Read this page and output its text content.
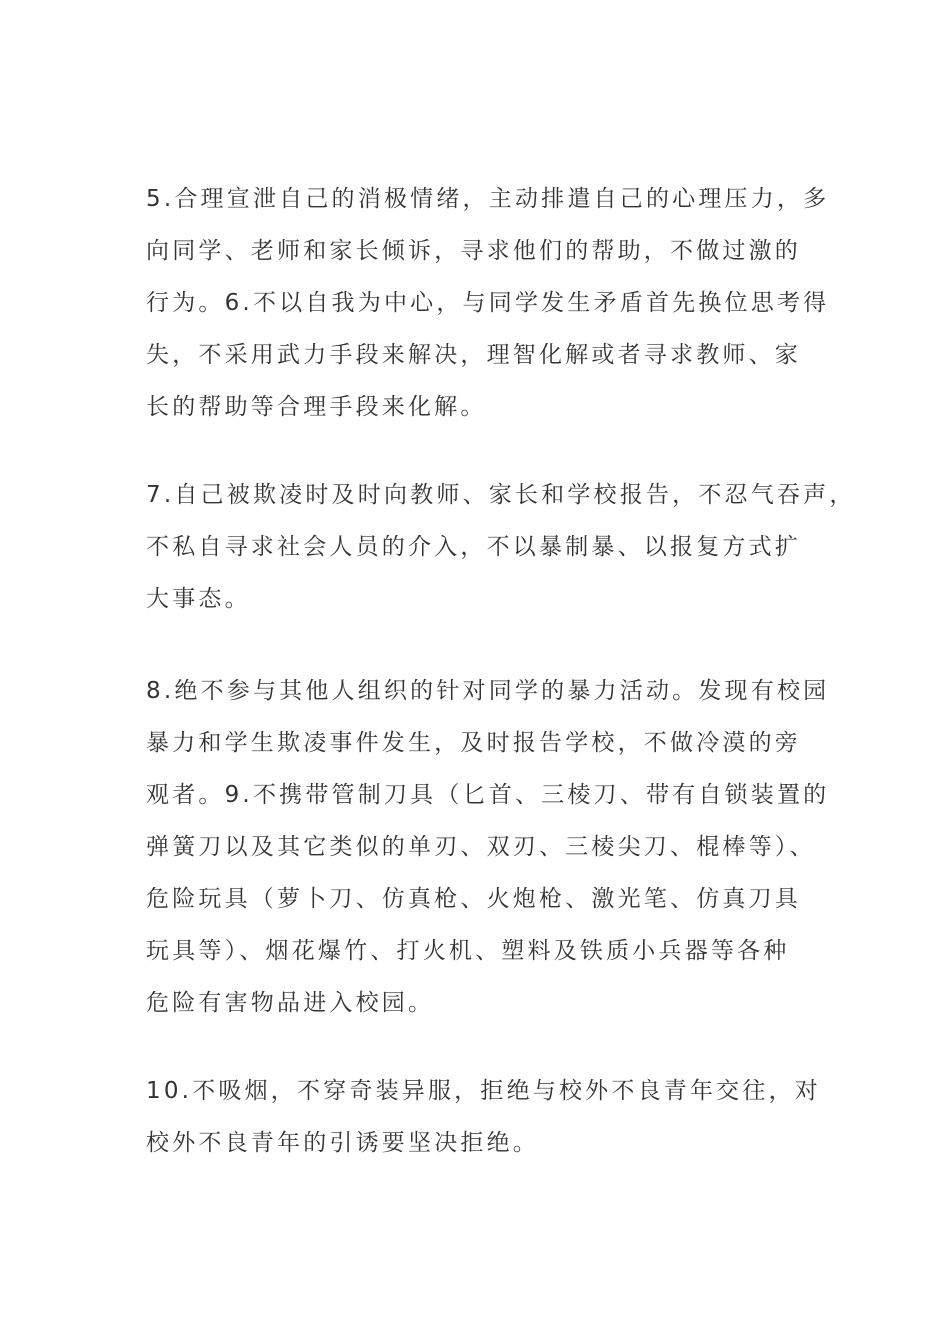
5.合理宣泄自己的消极情绪，主动排遣自己的心理压力，多
向同学、老师和家长倾诉，寻求他们的帮助，不做过激的
行为。6.不以自我为中心，与同学发生矛盾首先换位思考得
失，不采用武力手段来解决，理智化解或者寻求教师、家
长的帮助等合理手段来化解。
7.自己被欺凌时及时向教师、家长和学校报告，不忍气吞声，
不私自寻求社会人员的介入，不以暴制暴、以报复方式扩
大事态。
8.绝不参与其他人组织的针对同学的暴力活动。发现有校园
暴力和学生欺凌事件发生，及时报告学校，不做冷漠的旁
观者。9.不携带管制刀具（匕首、三棱刀、带有自锁装置的
弹簧刀以及其它类似的单刃、双刃、三棱尖刀、棍棒等）、
危险玩具（萝卜刀、仿真枪、火炮枪、激光笔、仿真刀具
玩具等）、烟花爆竹、打火机、塑料及铁质小兵器等各种
危险有害物品进入校园。
10.不吸烟，不穿奇装异服，拒绝与校外不良青年交往，对
校外不良青年的引诱要坚决拒绝。
